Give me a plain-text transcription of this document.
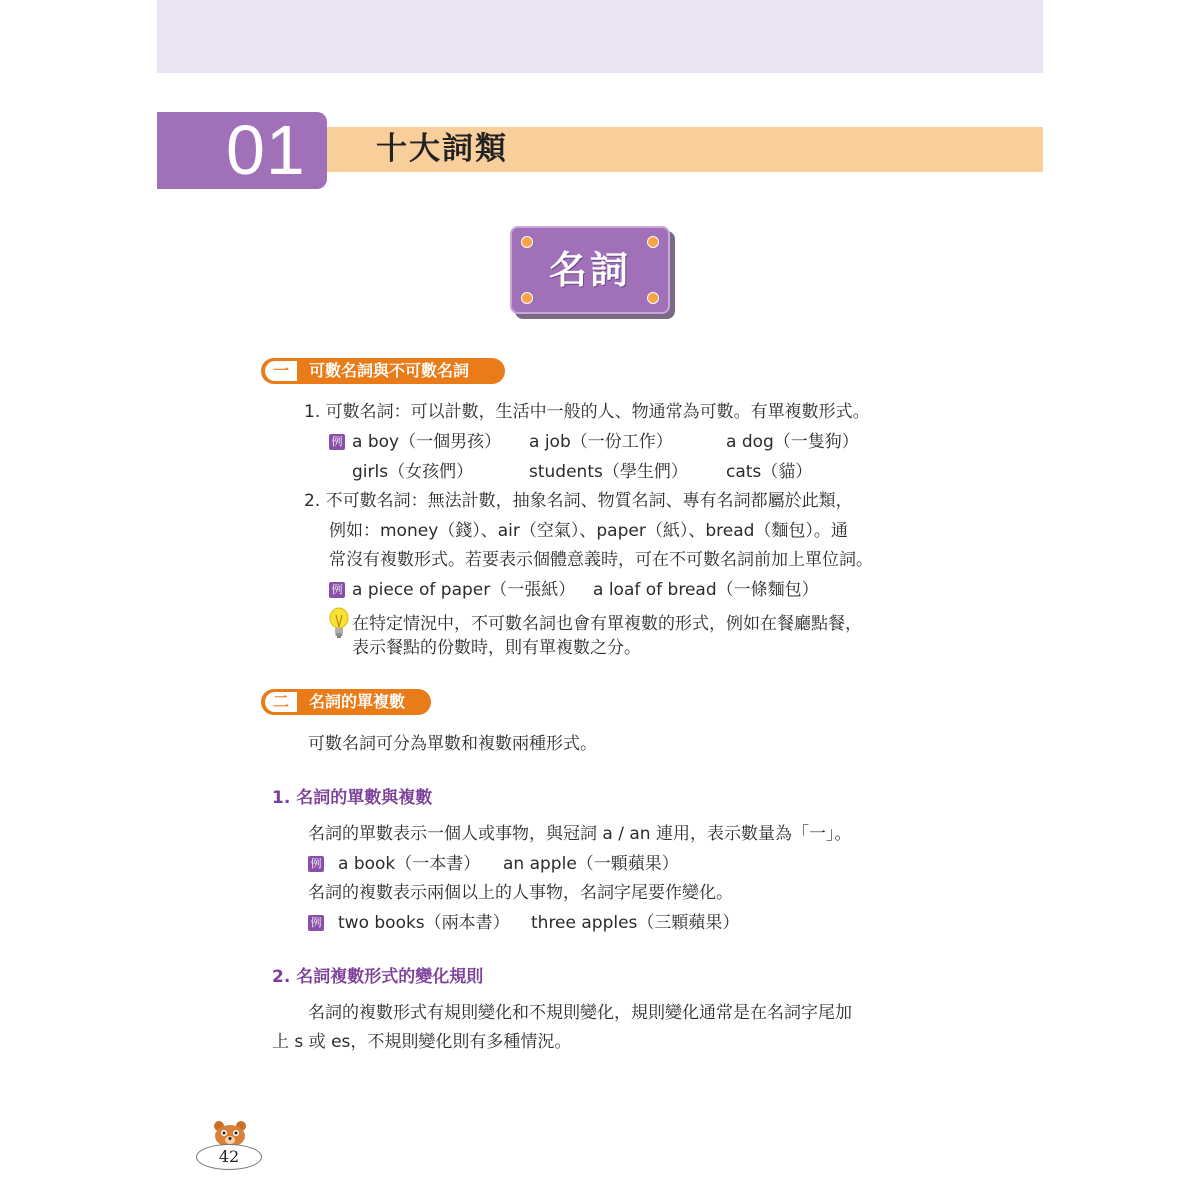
01 十大詞類
名詞
一	可數名詞與不可數名詞
1. 可數名詞：可以計數，生活中一般的人、物通常為可數。有單複數形式。
例 a boy（一個男孩） a job（一份工作）	a dog（一隻狗）
girls（女孩們）	students（學生們） cats（貓）
2. 不可數名詞：無法計數，抽象名詞、物質名詞、專有名詞都屬於此類，
例如：money（錢）、air（空氣）、paper（紙）、bread（麵包）。通
常沒有複數形式。若要表示個體意義時，可在不可數名詞前加上單位詞。
例 a piece of paper（一張紙） a loaf of bread（一條麵包）
在特定情況中，不可數名詞也會有單複數的形式，例如在餐廳點餐，
表示餐點的份數時，則有單複數之分。
二	名詞的單複數
可數名詞可分為單數和複數兩種形式。
1. 名詞的單數與複數
名詞的單數表示一個人或事物，與冠詞 a / an 連用，表示數量為「一」。
例 a book（一本書） an apple（一顆蘋果）
名詞的複數表示兩個以上的人事物，名詞字尾要作變化。
例 two books（兩本書） three apples（三顆蘋果）
2. 名詞複數形式的變化規則
名詞的複數形式有規則變化和不規則變化，規則變化通常是在名詞字尾加
上 s 或 es，不規則變化則有多種情況。
42
